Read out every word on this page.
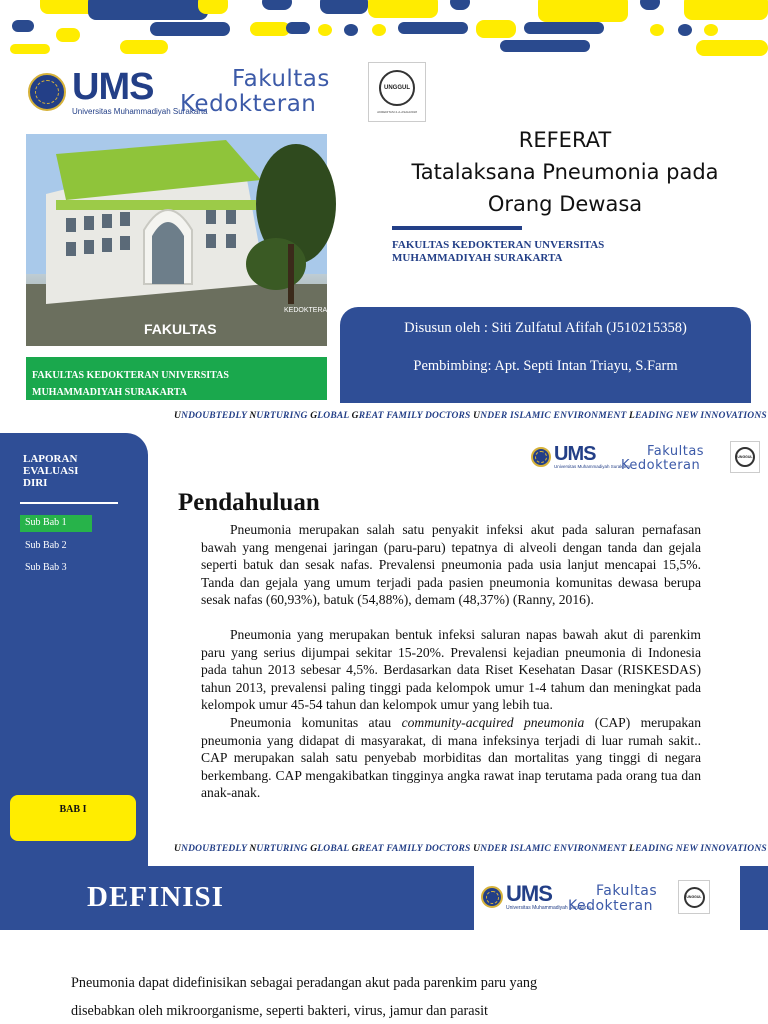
UMS
Universitas Muhammadiyah Surakarta
Fakultas
Kedokteran
UNGGUL
AKREDITASI 2-A-ASAH/2018
FAKULTAS
KEDOKTERAN
REFERAT
Tatalaksana Pneumonia pada
Orang Dewasa
FAKULTAS KEDOKTERAN UNVERSITAS
MUHAMMADIYAH SURAKARTA
Disusun oleh : Siti Zulfatul Afifah (J510215358)
Pembimbing: Apt. Septi Intan Triayu, S.Farm
FAKULTAS KEDOKTERAN UNIVERSITAS
MUHAMMADIYAH SURAKARTA
UNDOUBTEDLY NURTURING GLOBAL GREAT FAMILY DOCTORS UNDER ISLAMIC ENVIRONMENT LEADING NEW INNOVATIONS
LAPORAN
EVALUASI
DIRI
Sub Bab 1
Sub Bab 2
Sub Bab 3
BAB I
UMS
Universitas Muhammadiyah Surakarta
Fakultas
Kedokteran
UNGGUL
Pendahuluan

Pneumonia merupakan salah satu penyakit infeksi akut pada saluran pernafasan bawah yang mengenai jaringan (paru-paru) tepatnya di alveoli dengan tanda dan gejala seperti batuk dan sesak nafas. Prevalensi pneumonia pada usia lanjut mencapai 15,5%. Tanda dan gejala yang umum terjadi pada pasien pneumonia komunitas dewasa berupa sesak nafas (60,93%), batuk (54,88%), demam (48,37%) (Ranny, 2016).

Pneumonia yang merupakan bentuk infeksi saluran napas bawah akut di parenkim paru yang serius dijumpai sekitar 15-20%. Prevalensi kejadian pneumonia di Indonesia pada tahun 2013 sebesar 4,5%. Berdasarkan data Riset Kesehatan Dasar (RISKESDAS) tahun 2013, prevalensi paling tinggi pada kelompok umur 1-4 tahum dan meningkat pada kelompok umur 45-54 tahun dan kelompok umur yang lebih tua.

Pneumonia komunitas atau community-acquired pneumonia (CAP) merupakan pneumonia yang didapat di masyarakat, di mana infeksinya terjadi di luar rumah sakit.. CAP merupakan salah satu penyebab morbiditas dan mortalitas yang tinggi di negara berkembang. CAP mengakibatkan tingginya angka rawat inap terutama pada orang tua dan anak-anak.

UNDOUBTEDLY NURTURING GLOBAL GREAT FAMILY DOCTORS UNDER ISLAMIC ENVIRONMENT LEADING NEW INNOVATIONS
DEFINISI	UMS
Universitas Muhammadiyah Surakarta
Fakultas
Kedokteran
UNGGUL
Pneumonia dapat didefinisikan sebagai peradangan akut pada parenkim paru yang
disebabkan oleh mikroorganisme, seperti bakteri, virus, jamur dan parasit
